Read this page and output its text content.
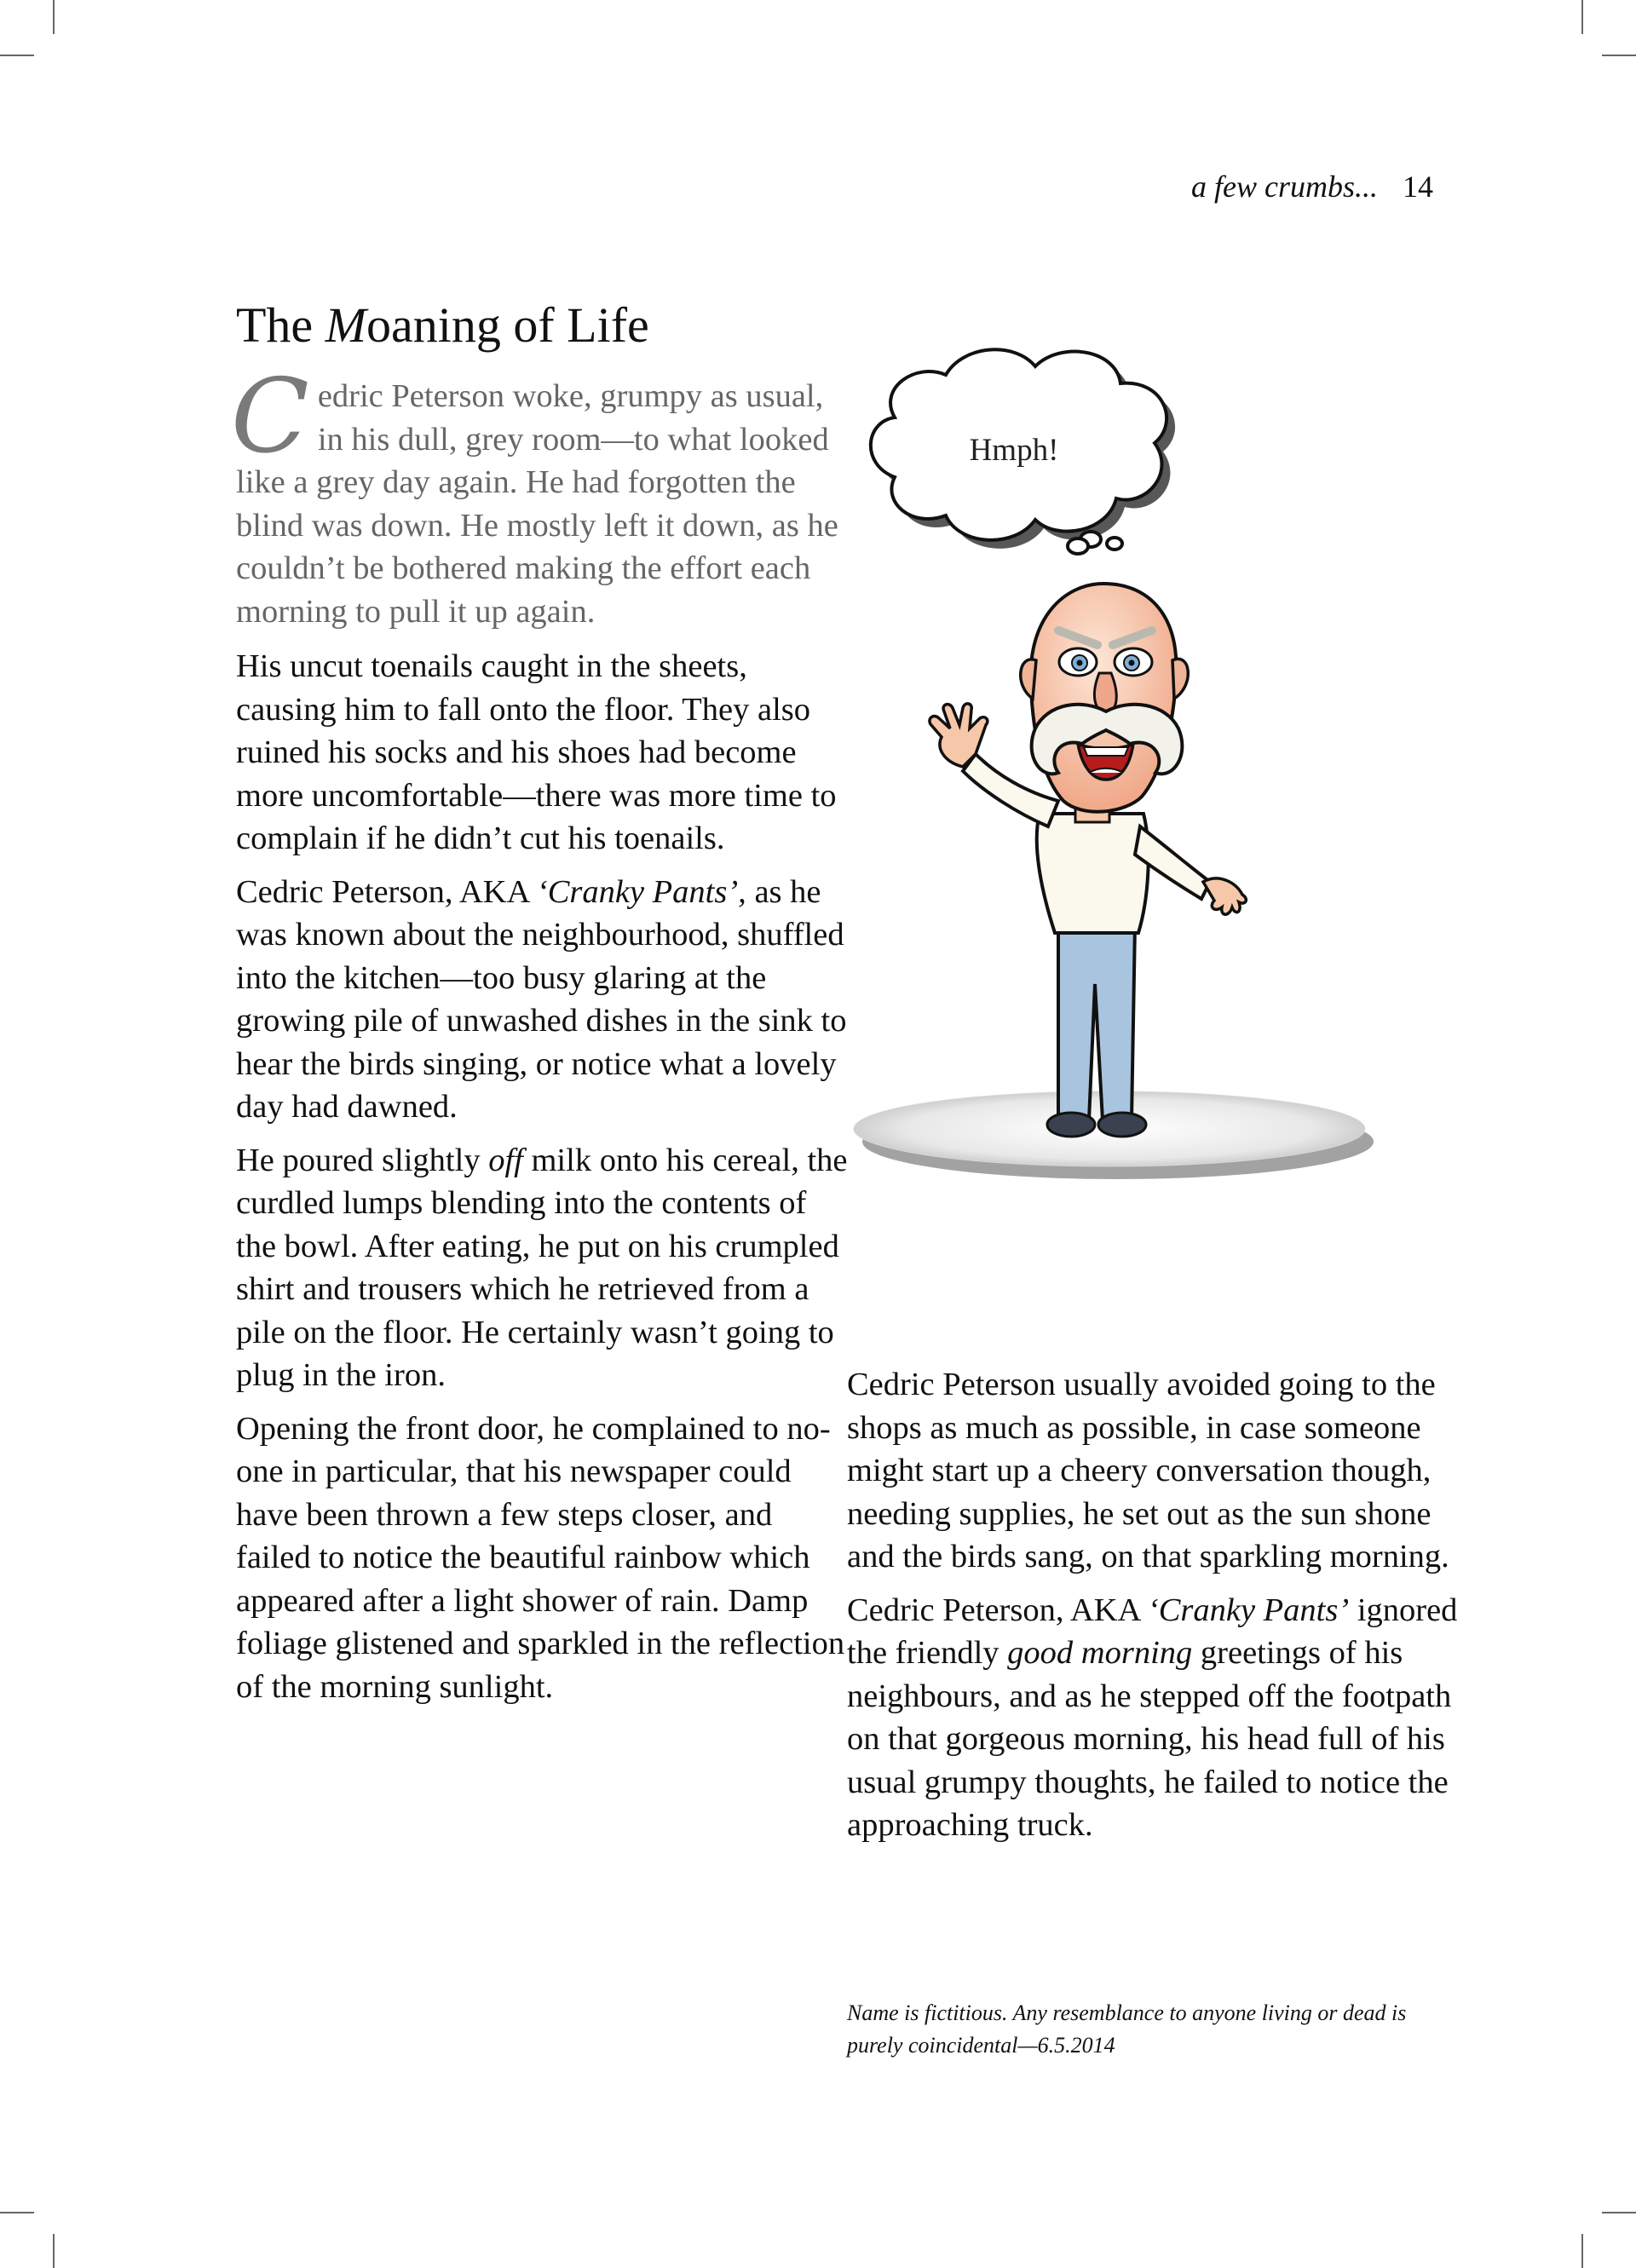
a few crumbs... 14
The Moaning of Life

Cedric Peterson woke, grumpy as usual, in his dull, grey room—to what looked like a grey day again. He had forgotten the blind was down. He mostly left it down, as he couldn’t be bothered making the effort each morning to pull it up again.

His uncut toenails caught in the sheets, causing him to fall onto the floor. They also ruined his socks and his shoes had become more uncomfortable—there was more time to complain if he didn’t cut his toenails.

Cedric Peterson, AKA ‘Cranky Pants’, as he was known about the neighbourhood, shuffled into the kitchen—too busy glaring at the growing pile of unwashed dishes in the sink to hear the birds singing, or notice what a lovely day had dawned.

He poured slightly off milk onto his cereal, the curdled lumps blending into the contents of the bowl. After eating, he put on his crumpled shirt and trousers which he retrieved from a pile on the floor. He certainly wasn’t going to plug in the iron.

Opening the front door, he complained to no-one in particular, that his newspaper could have been thrown a few steps closer, and failed to notice the beautiful rainbow which appeared after a light shower of rain. Damp foliage glistened and sparkled in the reflection of the morning sunlight.

Cedric Peterson usually avoided going to the shops as much as possible, in case someone might start up a cheery conversation though, needing supplies, he set out as the sun shone and the birds sang, on that sparkling morning.

Cedric Peterson, AKA ‘Cranky Pants’ ignored the friendly good morning greetings of his neighbours, and as he stepped off the footpath on that gorgeous morning, his head full of his usual grumpy thoughts, he failed to notice the approaching truck.

Name is fictitious. Any resemblance to anyone living or dead is purely coincidental—6.5.2014

Hmph!
